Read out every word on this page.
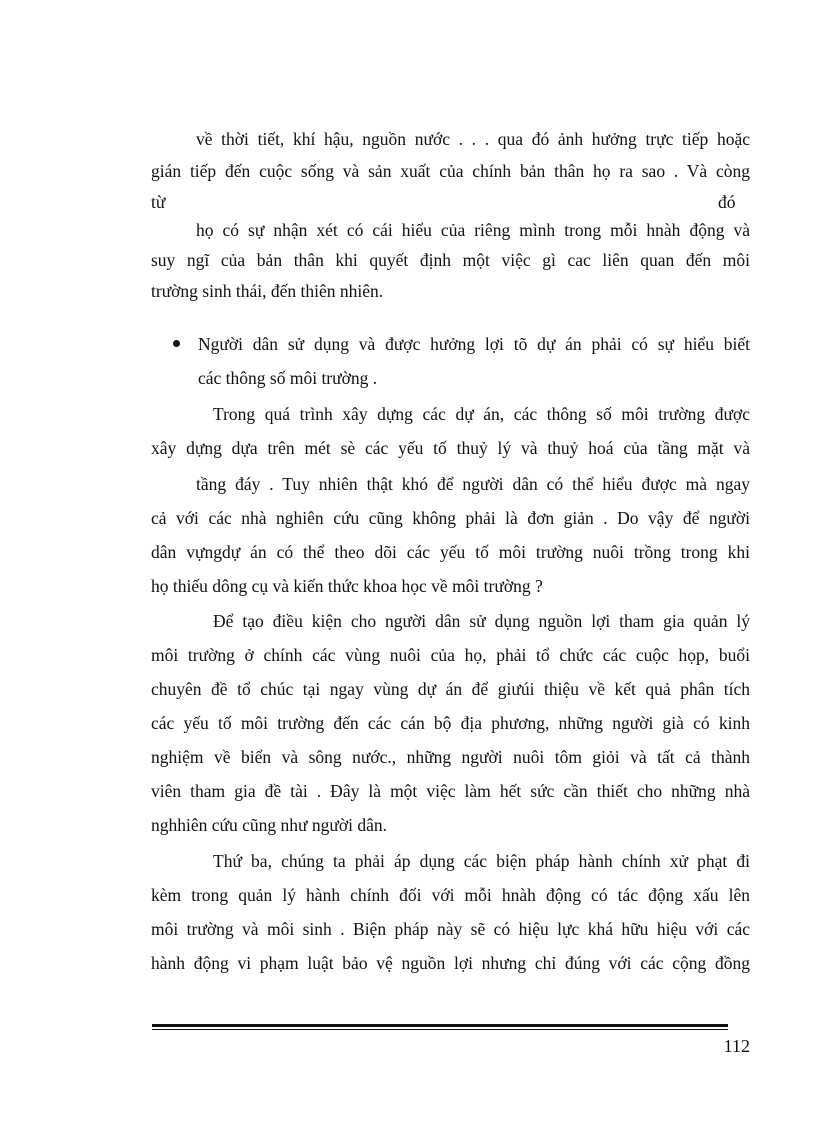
về thời tiết, khí hậu, nguồn nước . . . qua đó ảnh hưởng trực tiếp hoặc
gián tiếp đến cuộc sống và sản xuất của chính bản thân họ ra sao . Và còng
từ	đó
họ có sự nhận xét có cái hiểu của riêng mình trong mỗi hnàh động và
suy ngĩ của bản thân khi quyết định một việc gì cac liên quan đến môi
trường sinh thái, đến thiên nhiên.
Người dân sử dụng và được hưởng lợi tõ dự án phải có sự hiểu biết
các thông số môi trường .
Trong quá trình xây dựng các dự án, các thông số môi trường được
xây dựng dựa trên mét sè các yếu tố thuỷ lý và thuỷ hoá của tầng mặt và
tầng đáy . Tuy nhiên thật khó để người dân có thể hiểu được mà ngay
cả với các nhà nghiên cứu cũng không phải là đơn giản . Do vậy để người
dân vựngdự án có thể theo dõi các yếu tố môi trường nuôi trồng trong khi
họ thiếu dông cụ và kiến thức khoa học về môi trường ?
Để tạo điều kiện cho người dân sử dụng nguồn lợi tham gia quản lý
môi trường ở chính các vùng nuôi của họ, phải tổ chức các cuộc họp, buổi
chuyên đề tổ chúc tại ngay vùng dự án để giưúi thiệu về kết quả phân tích
các yếu tố môi trường đến các cán bộ địa phương, những người già có kinh
nghiệm về biển và sông nước., những người nuôi tôm giỏi và tất cả thành
viên tham gia đề tài . Đây là một việc làm hết sức cần thiết cho những nhà
nghhiên cứu cũng như người dân.
Thứ ba, chúng ta phải áp dụng các biện pháp hành chính xử phạt đi
kèm trong quản lý hành chính đối với mỗi hnàh động có tác động xấu lên
môi trường và môi sinh . Biện pháp này sẽ có hiệu lực khá hữu hiệu với các
hành động vi phạm luật bảo vệ nguồn lợi nhưng chỉ đúng với các cộng đồng
112
